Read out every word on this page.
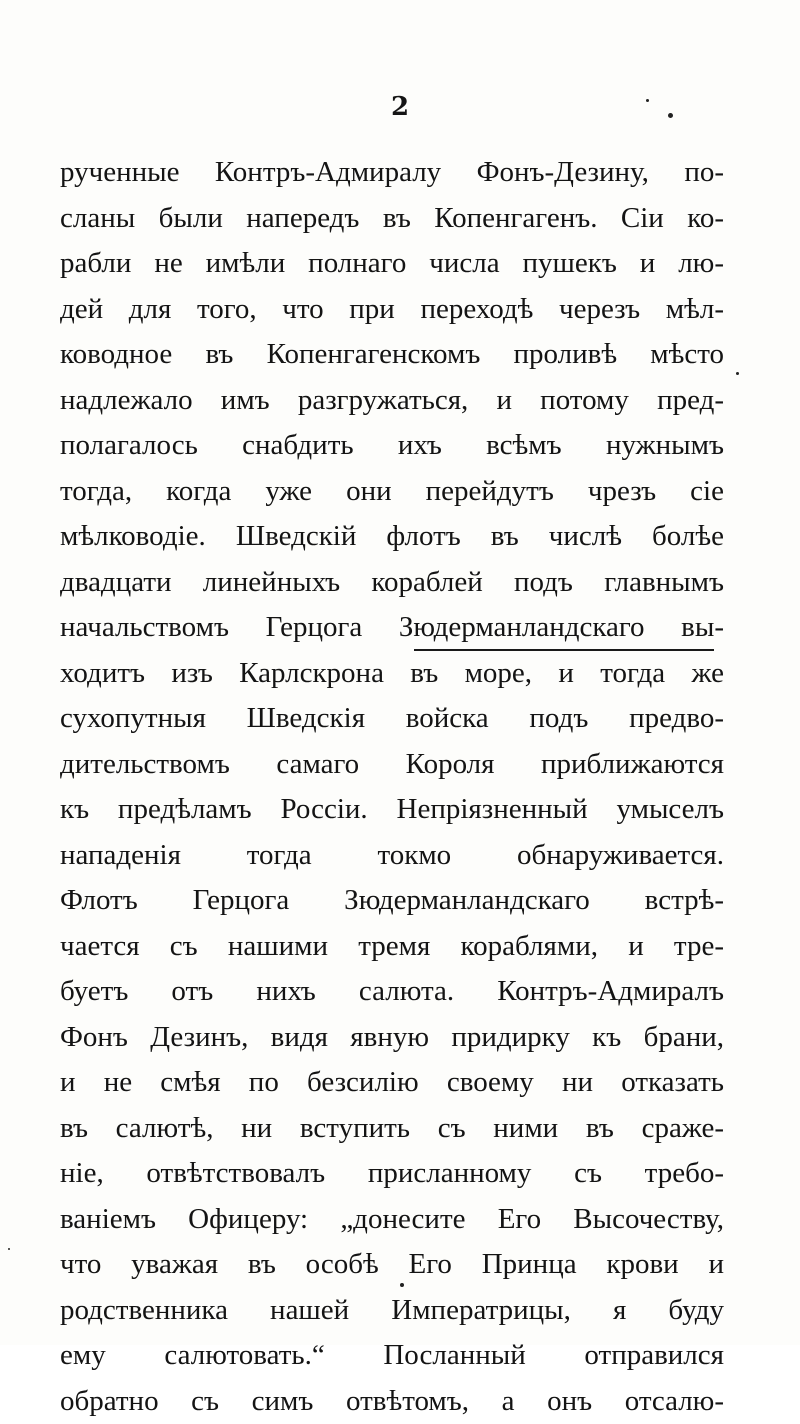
2
рученные Контръ-Адмиралу Фонъ-Дезину, по-
сланы были напередъ въ Копенгагенъ. Сіи ко-
рабли не имѣли полнаго числа пушекъ и лю-
дей для того, что при переходѣ черезъ мѣл-
ководное въ Копенгагенскомъ проливѣ мѣсто
надлежало имъ разгружаться, и потому пред-
полагалось снабдить ихъ всѣмъ нужнымъ
тогда, когда уже они перейдутъ чрезъ сіе
мѣлководіе. Шведскій флотъ въ числѣ болѣе
двадцати линейныхъ кораблей подъ главнымъ
начальствомъ Герцога Зюдерманландскаго вы-
ходитъ изъ Карлскрона въ море, и тогда же
сухопутныя Шведскія войска подъ предво-
дительствомъ самаго Короля приближаются
къ предѣламъ Россіи. Непріязненный умыселъ
нападенія тогда токмо обнаруживается.
Флотъ Герцога Зюдерманландскаго встрѣ-
чается съ нашими тремя кораблями, и тре-
буетъ отъ нихъ салюта. Контръ-Адмиралъ
Фонъ Дезинъ, видя явную придирку къ брани,
и не смѣя по безсилію своему ни отказать
въ салютѣ, ни вступить съ ними въ сраже-
ніе, отвѣтствовалъ присланному съ требо-
ваніемъ Офицеру: „донесите Его Высочеству,
что уважая въ особѣ Его Принца крови и
родственника нашей Императрицы, я буду
ему салютовать.“ Посланный отправился
обратно съ симъ отвѣтомъ, а онъ отсалю-
